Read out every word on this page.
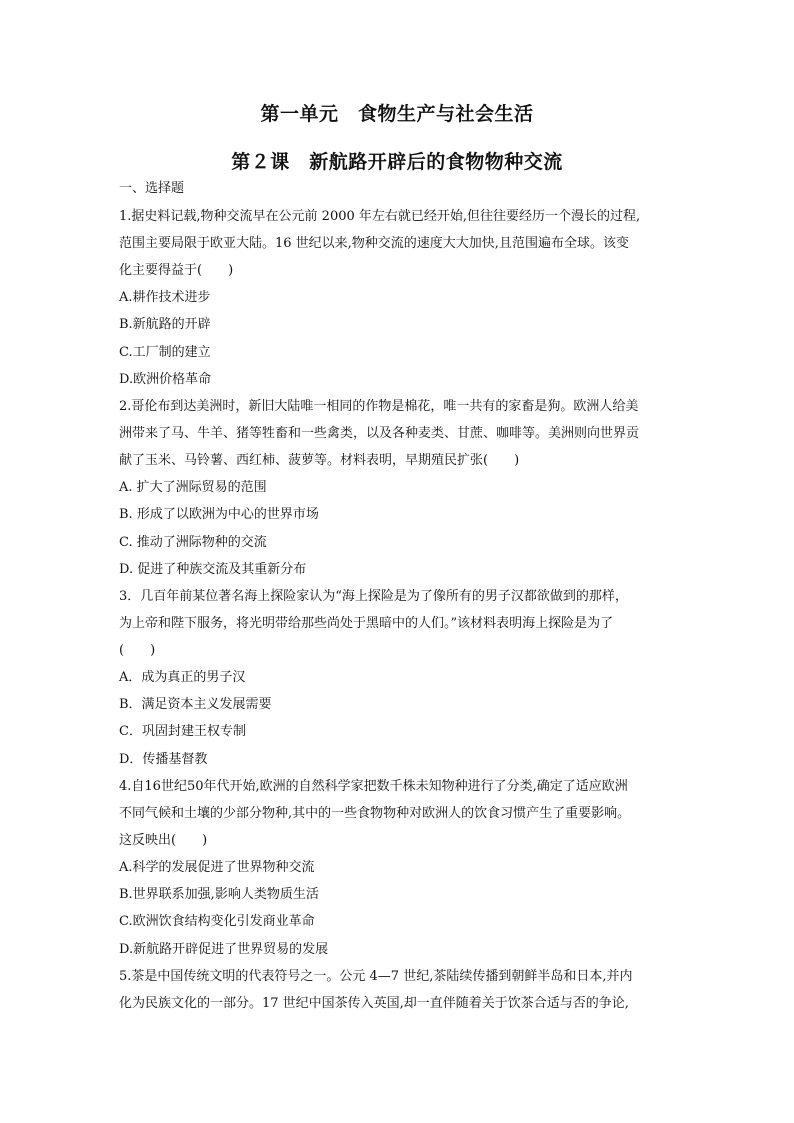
第一单元　食物生产与社会生活
第２课　新航路开辟后的食物物种交流
一、选择题
1.据史料记载,物种交流早在公元前 2000 年左右就已经开始,但往往要经历一个漫长的过程,
范围主要局限于欧亚大陆。16 世纪以来,物种交流的速度大大加快,且范围遍布全球。该变
化主要得益于(　　)
A.耕作技术进步
B.新航路的开辟
C.工厂制的建立
D.欧洲价格革命
2.哥伦布到达美洲时，新旧大陆唯一相同的作物是棉花，唯一共有的家畜是狗。欧洲人给美
洲带来了马、牛羊、猪等牲畜和一些禽类，以及各种麦类、甘蔗、咖啡等。美洲则向世界贡
献了玉米、马铃薯、西红柿、菠萝等。材料表明，早期殖民扩张(　　)
A. 扩大了洲际贸易的范围
B. 形成了以欧洲为中心的世界市场
C. 推动了洲际物种的交流
D. 促进了种族交流及其重新分布
3．几百年前某位著名海上探险家认为“海上探险是为了像所有的男子汉都欲做到的那样，
为上帝和陛下服务，将光明带给那些尚处于黑暗中的人们。”该材料表明海上探险是为了
(　　)
A．成为真正的男子汉
B．满足资本主义发展需要
C．巩固封建王权专制
D．传播基督教
4.自16世纪50年代开始,欧洲的自然科学家把数千株未知物种进行了分类,确定了适应欧洲
不同气候和土壤的少部分物种,其中的一些食物物种对欧洲人的饮食习惯产生了重要影响。
这反映出(　　)
A.科学的发展促进了世界物种交流
B.世界联系加强,影响人类物质生活
C.欧洲饮食结构变化引发商业革命
D.新航路开辟促进了世界贸易的发展
5.茶是中国传统文明的代表符号之一。公元 4—7 世纪,茶陆续传播到朝鲜半岛和日本,并内
化为民族文化的一部分。17 世纪中国茶传入英国,却一直伴随着关于饮茶合适与否的争论,
